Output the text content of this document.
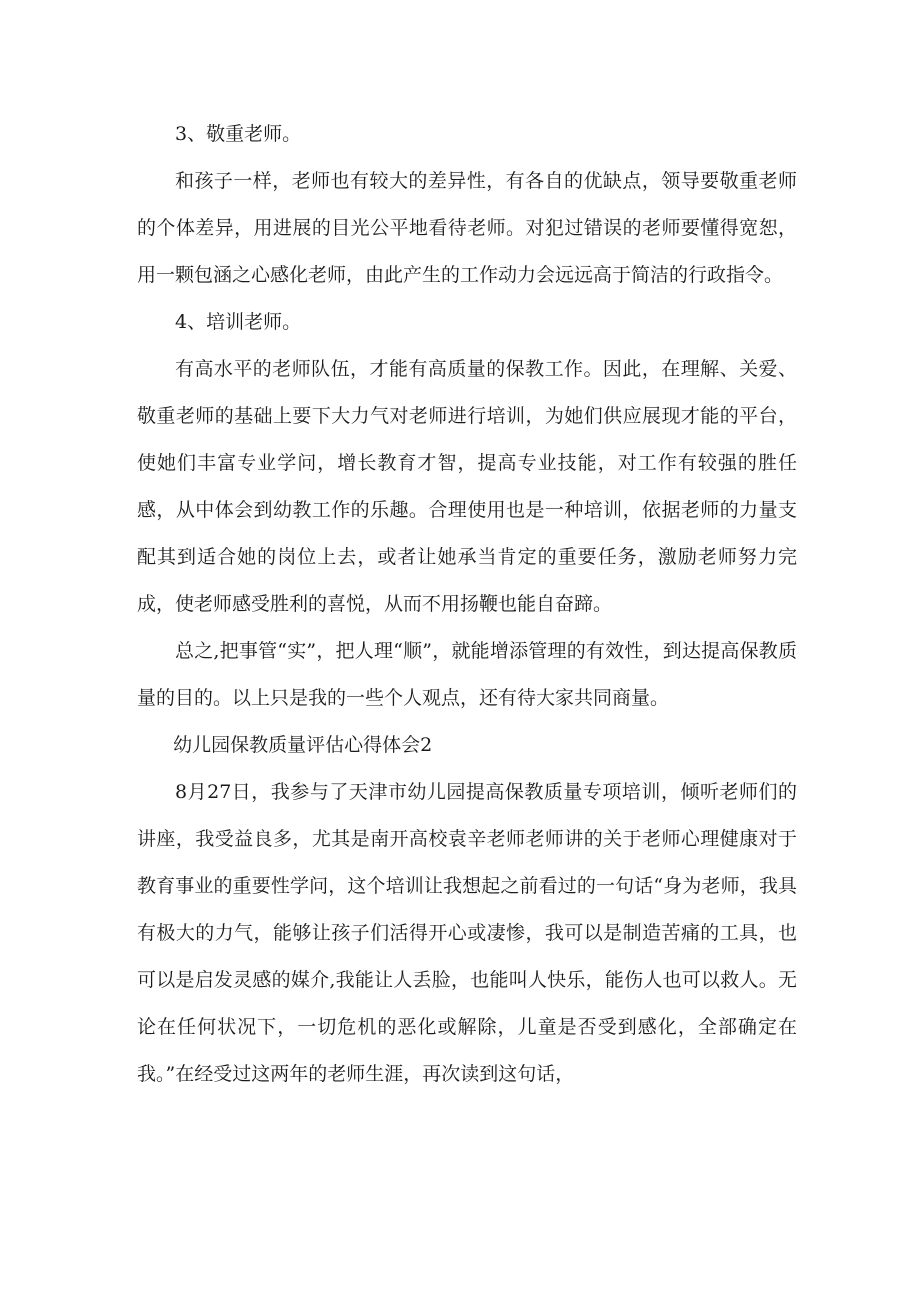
3、敬重老师。

和孩子一样，老师也有较大的差异性，有各自的优缺点，领导要敬重老师的个体差异，用进展的目光公平地看待老师。对犯过错误的老师要懂得宽恕，用一颗包涵之心感化老师，由此产生的工作动力会远远高于简洁的行政指令。

4、培训老师。

有高水平的老师队伍，才能有高质量的保教工作。因此，在理解、关爱、敬重老师的基础上要下大力气对老师进行培训，为她们供应展现才能的平台，使她们丰富专业学问，增长教育才智，提高专业技能，对工作有较强的胜任感，从中体会到幼教工作的乐趣。合理使用也是一种培训，依据老师的力量支配其到适合她的岗位上去，或者让她承当肯定的重要任务，激励老师努力完成，使老师感受胜利的喜悦，从而不用扬鞭也能自奋蹄。

总之,把事管“实”，把人理“顺”，就能增添管理的有效性，到达提高保教质量的目的。以上只是我的一些个人观点，还有待大家共同商量。

幼儿园保教质量评估心得体会2

8月27日，我参与了天津市幼儿园提高保教质量专项培训，倾听老师们的讲座，我受益良多，尤其是南开高校袁辛老师老师讲的关于老师心理健康对于教育事业的重要性学问，这个培训让我想起之前看过的一句话“身为老师，我具有极大的力气，能够让孩子们活得开心或凄惨，我可以是制造苦痛的工具，也可以是启发灵感的媒介,我能让人丢脸，也能叫人快乐，能伤人也可以救人。无论在任何状况下，一切危机的恶化或解除，儿童是否受到感化，全部确定在我。”在经受过这两年的老师生涯，再次读到这句话，
